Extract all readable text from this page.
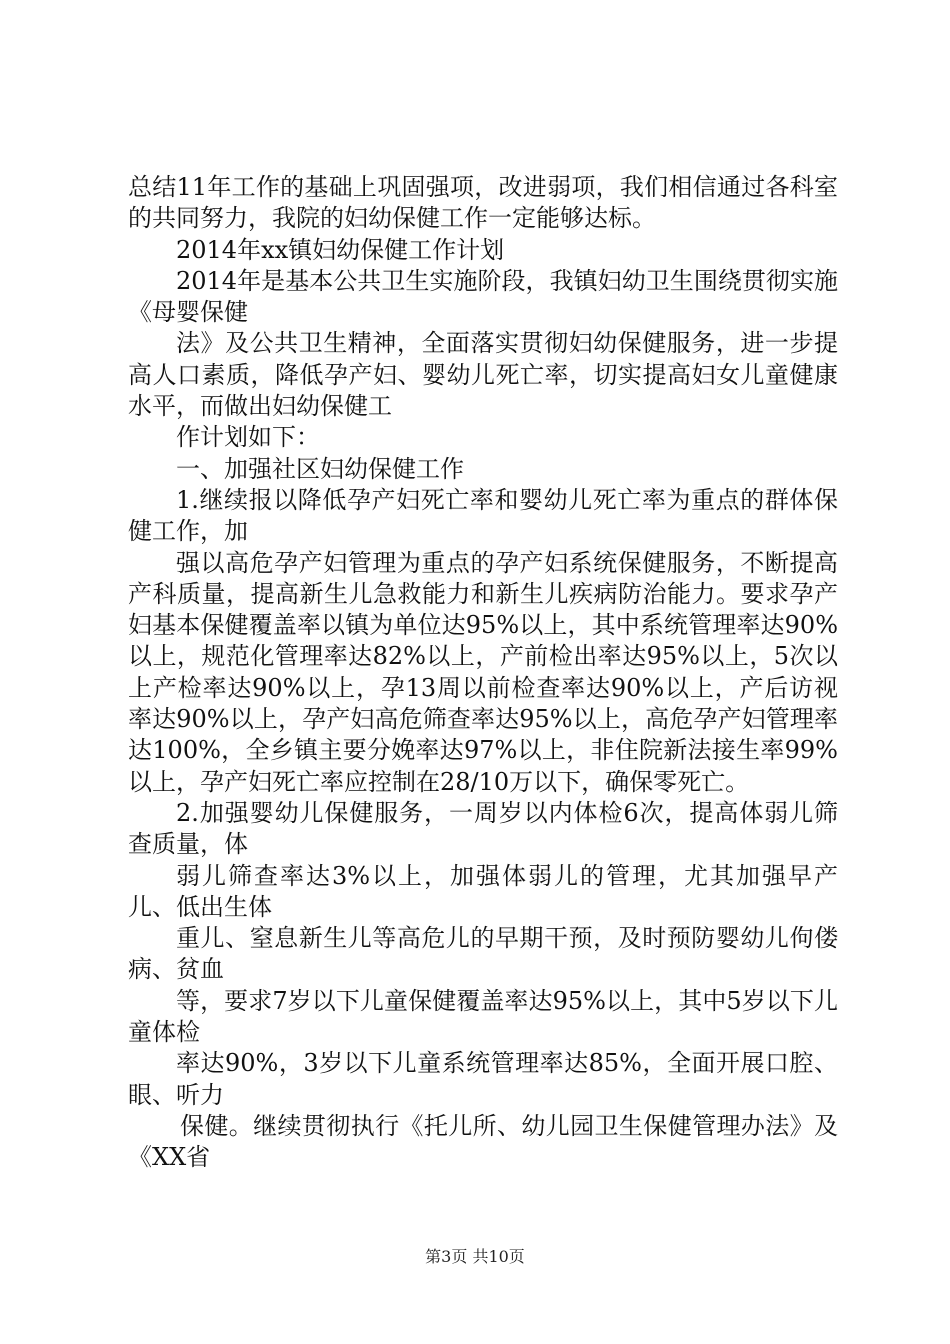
总结11年工作的基础上巩固强项，改进弱项，我们相信通过各科室的共同努力，我院的妇幼保健工作一定能够达标。

2014年xx镇妇幼保健工作计划

2014年是基本公共卫生实施阶段，我镇妇幼卫生围绕贯彻实施《母婴保健

法》及公共卫生精神，全面落实贯彻妇幼保健服务，进一步提高人口素质，降低孕产妇、婴幼儿死亡率，切实提高妇女儿童健康水平，而做出妇幼保健工

作计划如下：

一、加强社区妇幼保健工作

1.继续报以降低孕产妇死亡率和婴幼儿死亡率为重点的群体保健工作，加

强以高危孕产妇管理为重点的孕产妇系统保健服务，不断提高产科质量，提高新生儿急救能力和新生儿疾病防治能力。要求孕产妇基本保健覆盖率以镇为单位达95%以上，其中系统管理率达90%以上，规范化管理率达82%以上，产前检出率达95%以上，5次以上产检率达90%以上，孕13周以前检查率达90%以上，产后访视率达90%以上，孕产妇高危筛查率达95%以上，高危孕产妇管理率达100%，全乡镇主要分娩率达97%以上，非住院新法接生率99%以上，孕产妇死亡率应控制在28/10万以下，确保零死亡。

2.加强婴幼儿保健服务，一周岁以内体检6次，提高体弱儿筛查质量，体

弱儿筛查率达3%以上，加强体弱儿的管理，尤其加强早产儿、低出生体

重儿、窒息新生儿等高危儿的早期干预，及时预防婴幼儿佝偻病、贫血

等，要求7岁以下儿童保健覆盖率达95%以上，其中5岁以下儿童体检

率达90%，3岁以下儿童系统管理率达85%，全面开展口腔、眼、听力

保健。继续贯彻执行《托儿所、幼儿园卫生保健管理办法》及《XX省

第3页 共10页
